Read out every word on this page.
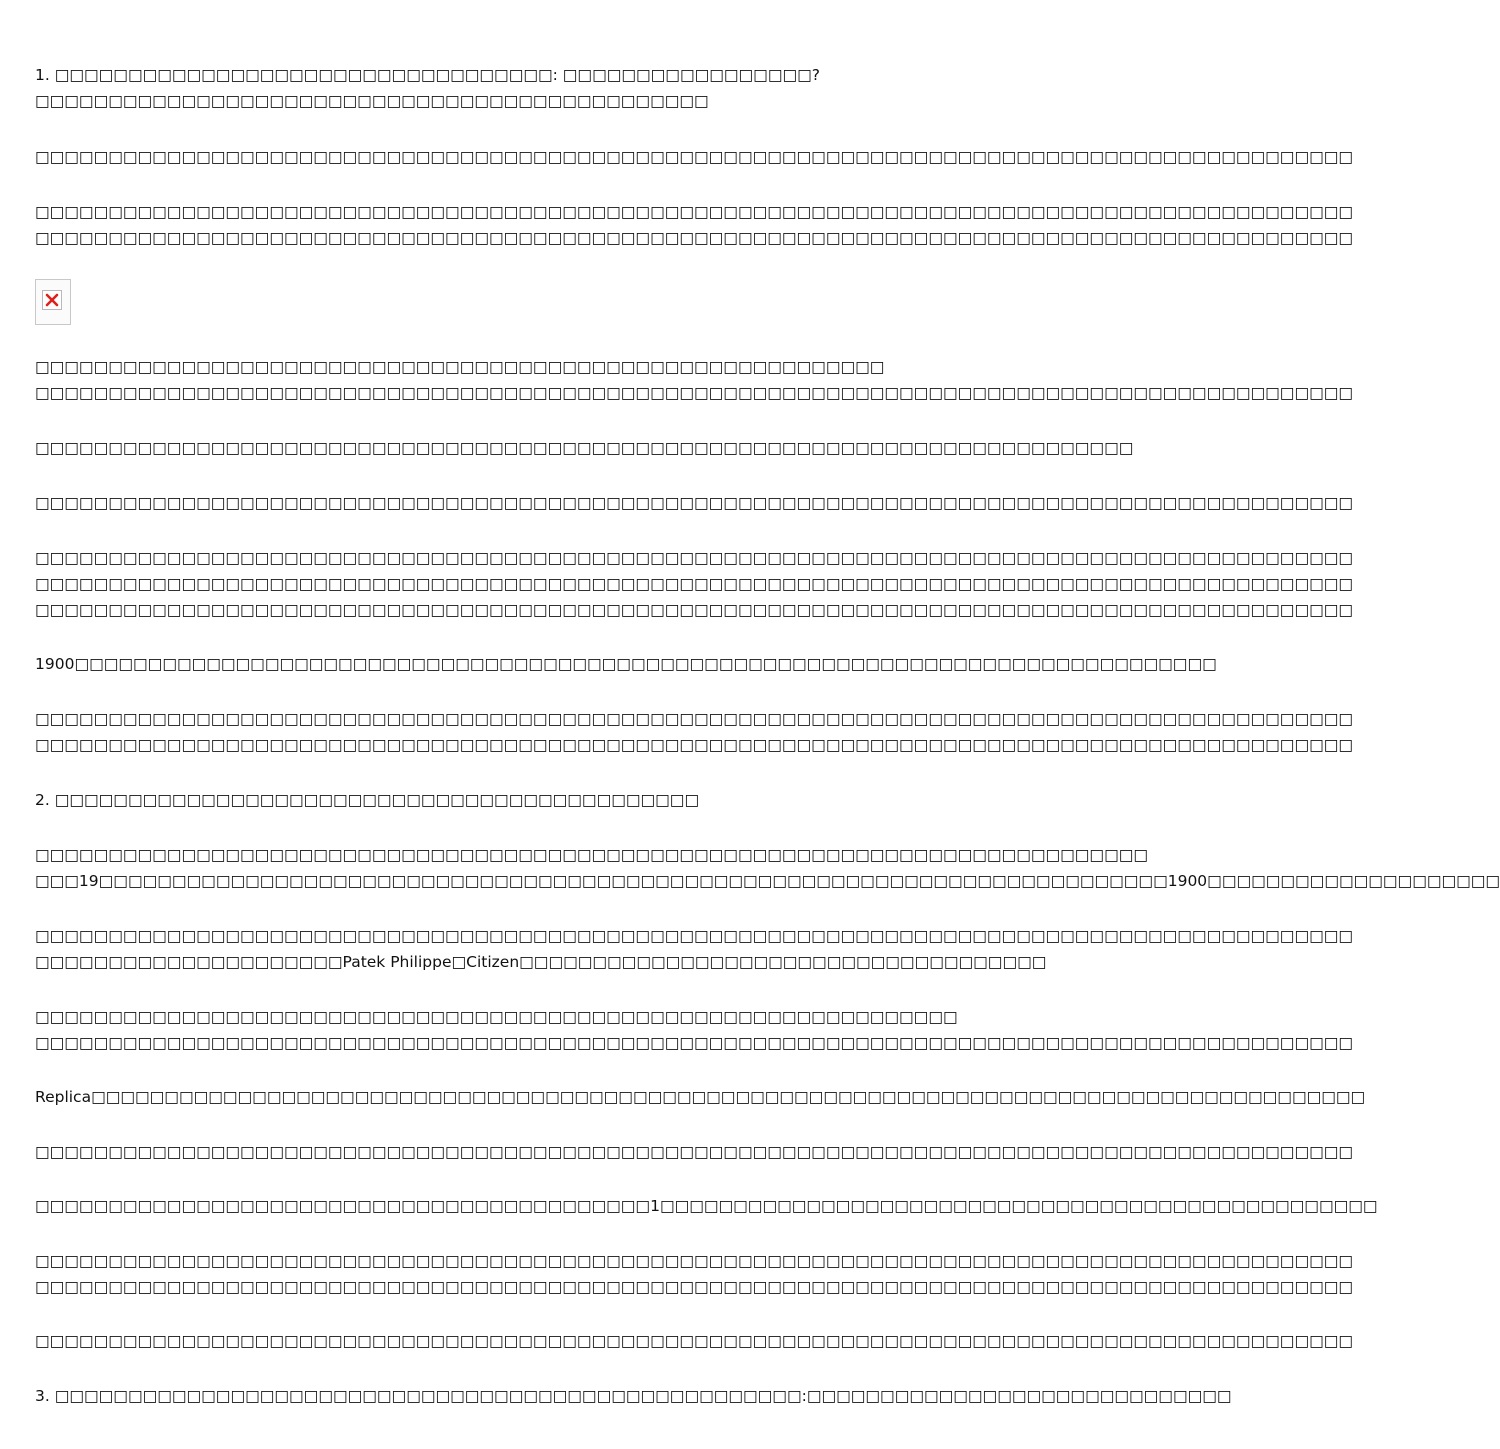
1. □□□□□□□□□□□□□□□□□□□□□□□□□□□□□□□□□□: □□□□□□□□□□□□□□□□□?
□□□□□□□□□□□□□□□□□□□□□□□□□□□□□□□□□□□□□□□□□□□□□□
□□□□□□□□□□□□□□□□□□□□□□□□□□□□□□□□□□□□□□□□□□□□□□□□□□□□□□□□□□□□□□□□□□□□□□□□□□□□□□□□□□□□□□□□□□
□□□□□□□□□□□□□□□□□□□□□□□□□□□□□□□□□□□□□□□□□□□□□□□□□□□□□□□□□□□□□□□□□□□□□□□□□□□□□□□□□□□□□□□□□□
□□□□□□□□□□□□□□□□□□□□□□□□□□□□□□□□□□□□□□□□□□□□□□□□□□□□□□□□□□□□□□□□□□□□□□□□□□□□□□□□□□□□□□□□□□
□□□□□□□□□□□□□□□□□□□□□□□□□□□□□□□□□□□□□□□□□□□□□□□□□□□□□□□□□□
□□□□□□□□□□□□□□□□□□□□□□□□□□□□□□□□□□□□□□□□□□□□□□□□□□□□□□□□□□□□□□□□□□□□□□□□□□□□□□□□□□□□□□□□□□
□□□□□□□□□□□□□□□□□□□□□□□□□□□□□□□□□□□□□□□□□□□□□□□□□□□□□□□□□□□□□□□□□□□□□□□□□□□
□□□□□□□□□□□□□□□□□□□□□□□□□□□□□□□□□□□□□□□□□□□□□□□□□□□□□□□□□□□□□□□□□□□□□□□□□□□□□□□□□□□□□□□□□□
□□□□□□□□□□□□□□□□□□□□□□□□□□□□□□□□□□□□□□□□□□□□□□□□□□□□□□□□□□□□□□□□□□□□□□□□□□□□□□□□□□□□□□□□□□
□□□□□□□□□□□□□□□□□□□□□□□□□□□□□□□□□□□□□□□□□□□□□□□□□□□□□□□□□□□□□□□□□□□□□□□□□□□□□□□□□□□□□□□□□□
□□□□□□□□□□□□□□□□□□□□□□□□□□□□□□□□□□□□□□□□□□□□□□□□□□□□□□□□□□□□□□□□□□□□□□□□□□□□□□□□□□□□□□□□□□
1900□□□□□□□□□□□□□□□□□□□□□□□□□□□□□□□□□□□□□□□□□□□□□□□□□□□□□□□□□□□□□□□□□□□□□□□□□□□□□□
□□□□□□□□□□□□□□□□□□□□□□□□□□□□□□□□□□□□□□□□□□□□□□□□□□□□□□□□□□□□□□□□□□□□□□□□□□□□□□□□□□□□□□□□□□
□□□□□□□□□□□□□□□□□□□□□□□□□□□□□□□□□□□□□□□□□□□□□□□□□□□□□□□□□□□□□□□□□□□□□□□□□□□□□□□□□□□□□□□□□□
2. □□□□□□□□□□□□□□□□□□□□□□□□□□□□□□□□□□□□□□□□□□□□
□□□□□□□□□□□□□□□□□□□□□□□□□□□□□□□□□□□□□□□□□□□□□□□□□□□□□□□□□□□□□□□□□□□□□□□□□□□□
□□□19□□□□□□□□□□□□□□□□□□□□□□□□□□□□□□□□□□□□□□□□□□□□□□□□□□□□□□□□□□□□□□□□□□□□□□□□□1900□□□□□□□□□□□□□□□□□□□□
□□□□□□□□□□□□□□□□□□□□□□□□□□□□□□□□□□□□□□□□□□□□□□□□□□□□□□□□□□□□□□□□□□□□□□□□□□□□□□□□□□□□□□□□□□
□□□□□□□□□□□□□□□□□□□□□Patek Philippe□Citizen□□□□□□□□□□□□□□□□□□□□□□□□□□□□□□□□□□□□
□□□□□□□□□□□□□□□□□□□□□□□□□□□□□□□□□□□□□□□□□□□□□□□□□□□□□□□□□□□□□□□
□□□□□□□□□□□□□□□□□□□□□□□□□□□□□□□□□□□□□□□□□□□□□□□□□□□□□□□□□□□□□□□□□□□□□□□□□□□□□□□□□□□□□□□□□□
Replica□□□□□□□□□□□□□□□□□□□□□□□□□□□□□□□□□□□□□□□□□□□□□□□□□□□□□□□□□□□□□□□□□□□□□□□□□□□□□□□□□□□□□□□
□□□□□□□□□□□□□□□□□□□□□□□□□□□□□□□□□□□□□□□□□□□□□□□□□□□□□□□□□□□□□□□□□□□□□□□□□□□□□□□□□□□□□□□□□□
□□□□□□□□□□□□□□□□□□□□□□□□□□□□□□□□□□□□□□□□□□1□□□□□□□□□□□□□□□□□□□□□□□□□□□□□□□□□□□□□□□□□□□□□□□□□
□□□□□□□□□□□□□□□□□□□□□□□□□□□□□□□□□□□□□□□□□□□□□□□□□□□□□□□□□□□□□□□□□□□□□□□□□□□□□□□□□□□□□□□□□□
□□□□□□□□□□□□□□□□□□□□□□□□□□□□□□□□□□□□□□□□□□□□□□□□□□□□□□□□□□□□□□□□□□□□□□□□□□□□□□□□□□□□□□□□□□
□□□□□□□□□□□□□□□□□□□□□□□□□□□□□□□□□□□□□□□□□□□□□□□□□□□□□□□□□□□□□□□□□□□□□□□□□□□□□□□□□□□□□□□□□□
3. □□□□□□□□□□□□□□□□□□□□□□□□□□□□□□□□□□□□□□□□□□□□□□□□□□□:□□□□□□□□□□□□□□□□□□□□□□□□□□□□□
